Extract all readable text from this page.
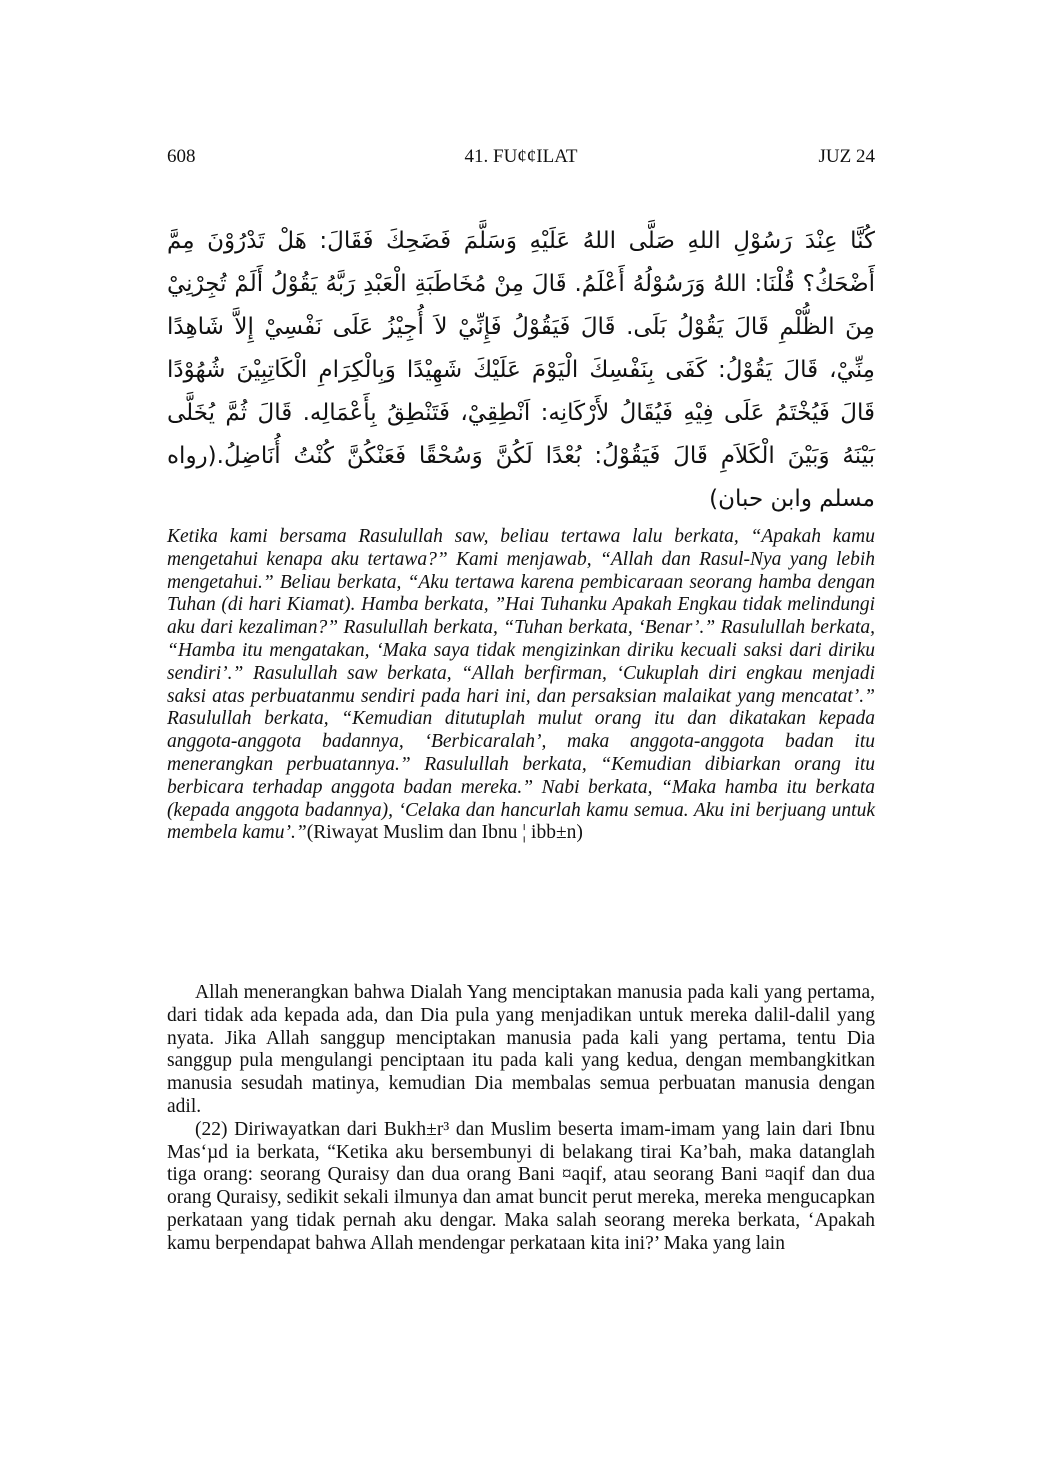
608	41. FU¢¢ILAT	JUZ 24
كُنَّا عِنْدَ رَسُوْلِ اللهِ صَلَّى اللهُ عَلَيْهِ وَسَلَّمَ فَضَحِكَ فَقَالَ: هَلْ تَدْرُوْنَ مِمَّ أَضْحَكُ؟ قُلْنَا: اللهُ وَرَسُوْلُهُ أَعْلَمُ. قَالَ مِنْ مُخَاطَبَةِ الْعَبْدِ رَبَّهُ يَقُوْلُ أَلَمْ تُجِرْنِيْ مِنَ الظُّلْمِ قَالَ يَقُوْلُ بَلَى. قَالَ فَيَقُوْلُ فَإِنِّيْ لاَ أُجِيْزُ عَلَى نَفْسِيْ إِلاَّ شَاهِدًا مِنِّيْ، قَالَ يَقُوْلُ: كَفَى بِنَفْسِكَ الْيَوْمَ عَلَيْكَ شَهِيْدًا وَبِالْكِرَامِ الْكَاتِبِيْنَ شُهُوْدًا قَالَ فَيُخْتَمُ عَلَى فِيْهِ فَيُقَالُ لأَرْكَانِه: اَنْطِقِيْ، فَتَنْطِقُ بِأَعْمَالِه. قَالَ ثُمَّ يُخَلَّى بَيْنَهُ وَبَيْنَ الْكَلاَمِ قَالَ فَيَقُوْلُ: بُعْدًا لَكُنَّ وَسُحْقًا فَعَنْكُنَّ كُنْتُ أُنَاضِلُ.(رواه مسلم وابن حبان)
Ketika kami bersama Rasulullah saw, beliau tertawa lalu berkata, “Apakah kamu mengetahui kenapa aku tertawa?” Kami menjawab, “Allah dan Rasul-Nya yang lebih mengetahui.” Beliau berkata, “Aku tertawa karena pembicaraan seorang hamba dengan Tuhan (di hari Kiamat). Hamba berkata, ”Hai Tuhanku Apakah Engkau tidak melindungi aku dari kezaliman?” Rasulullah berkata, “Tuhan berkata, ‘Benar’.” Rasulullah berkata, “Hamba itu mengatakan, ‘Maka saya tidak mengizinkan diriku kecuali saksi dari diriku sendiri’.” Rasulullah saw berkata, “Allah berfirman, ‘Cukuplah diri engkau menjadi saksi atas perbuatanmu sendiri pada hari ini, dan persaksian malaikat yang mencatat’.” Rasulullah berkata, “Kemudian ditutuplah mulut orang itu dan dikatakan kepada anggota-anggota badannya, ‘Berbicaralah’, maka anggota-anggota badan itu menerangkan perbuatannya.” Rasulullah berkata, “Kemudian dibiarkan orang itu berbicara terhadap anggota badan mereka.” Nabi berkata, “Maka hamba itu berkata (kepada anggota badannya), ‘Celaka dan hancurlah kamu semua. Aku ini berjuang untuk membela kamu’.”(Riwayat Muslim dan Ibnu ¦ ibb±n)

Allah menerangkan bahwa Dialah Yang menciptakan manusia pada kali yang pertama, dari tidak ada kepada ada, dan Dia pula yang menjadikan untuk mereka dalil-dalil yang nyata. Jika Allah sanggup menciptakan manusia pada kali yang pertama, tentu Dia sanggup pula mengulangi penciptaan itu pada kali yang kedua, dengan membangkitkan manusia sesudah matinya, kemudian Dia membalas semua perbuatan manusia dengan adil.

(22) Diriwayatkan dari Bukh±r³ dan Muslim beserta imam-imam yang lain dari Ibnu Mas‘µd ia berkata, “Ketika aku bersembunyi di belakang tirai Ka’bah, maka datanglah tiga orang: seorang Quraisy dan dua orang Bani ¤aqif, atau seorang Bani ¤aqif dan dua orang Quraisy, sedikit sekali ilmunya dan amat buncit perut mereka, mereka mengucapkan perkataan yang tidak pernah aku dengar. Maka salah seorang mereka berkata, ‘Apakah kamu berpendapat bahwa Allah mendengar perkataan kita ini?’ Maka yang lain
